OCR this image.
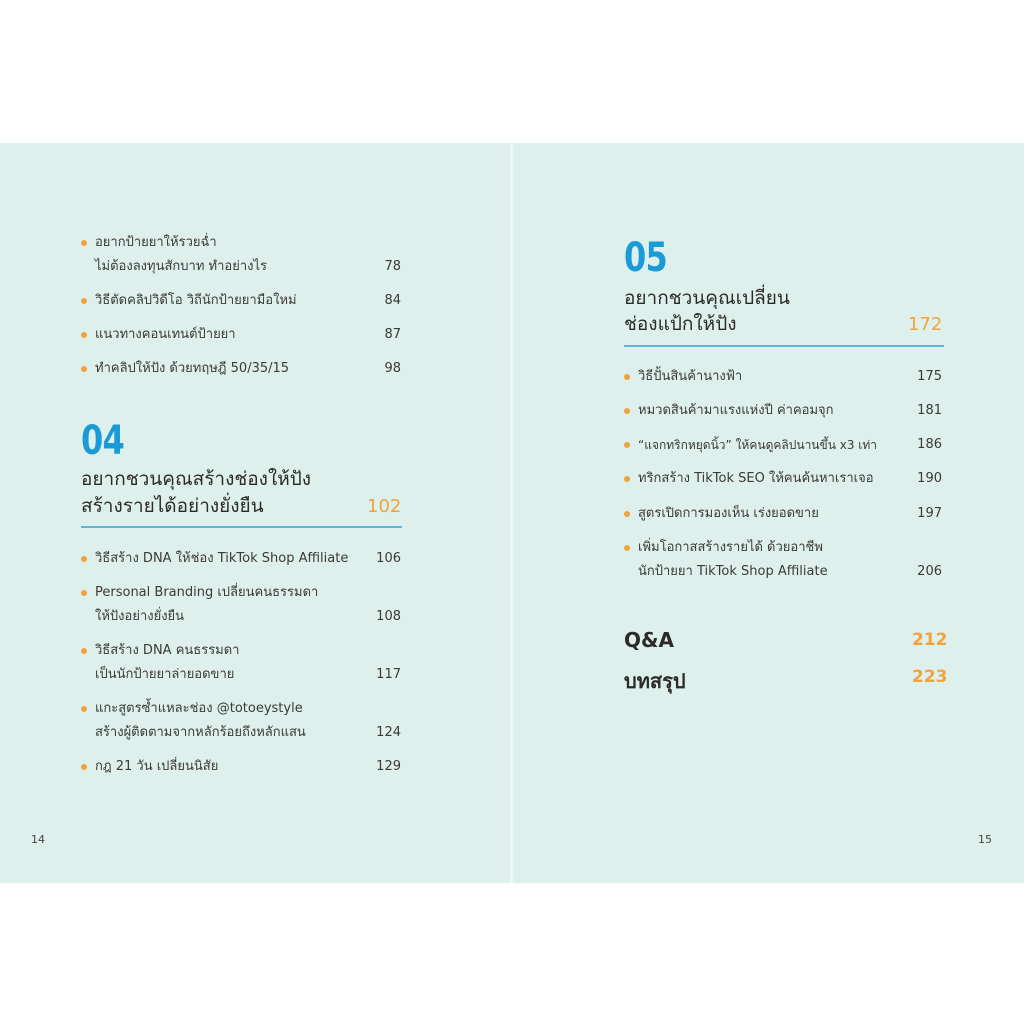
อยากป้ายยาให้รวยฉ่ำ
ไม่ต้องลงทุนสักบาท ทำอย่างไร	78
วิธีตัดคลิปวิดีโอ วิถีนักป้ายยามือใหม่	84
แนวทางคอนเทนต์ป้ายยา	87
ทำคลิปให้ปัง ด้วยทฤษฎี 50/35/15	98
04
อยากชวนคุณสร้างช่องให้ปัง
สร้างรายได้อย่างยั่งยืน	102
วิธีสร้าง DNA ให้ช่อง TikTok Shop Affiliate 106
Personal Branding เปลี่ยนคนธรรมดา
ให้ปังอย่างยั่งยืน	108
วิธีสร้าง DNA คนธรรมดา
เป็นนักป้ายยาล่ายอดขาย	117
แกะสูตรซ้ำแหละช่อง @totoeystyle
สร้างผู้ติดตามจากหลักร้อยถึงหลักแสน	124
กฎ 21 วัน เปลี่ยนนิสัย	129
14
05
อยากชวนคุณเปลี่ยน
ช่องแป้กให้ปัง	172
วิธีปั้นสินค้านางฟ้า	175
หมวดสินค้ามาแรงแห่งปี ค่าคอมจุก	181
“แจกทริกหยุดนิ้ว” ให้คนดูคลิปนานขึ้น x3 เท่า	186
ทริกสร้าง TikTok SEO ให้คนค้นหาเราเจอ	190
สูตรเปิดการมองเห็น เร่งยอดขาย	197
เพิ่มโอกาสสร้างรายได้ ด้วยอาชีพ
นักป้ายยา TikTok Shop Affiliate	206
Q&A	212
บทสรุป	223
15
